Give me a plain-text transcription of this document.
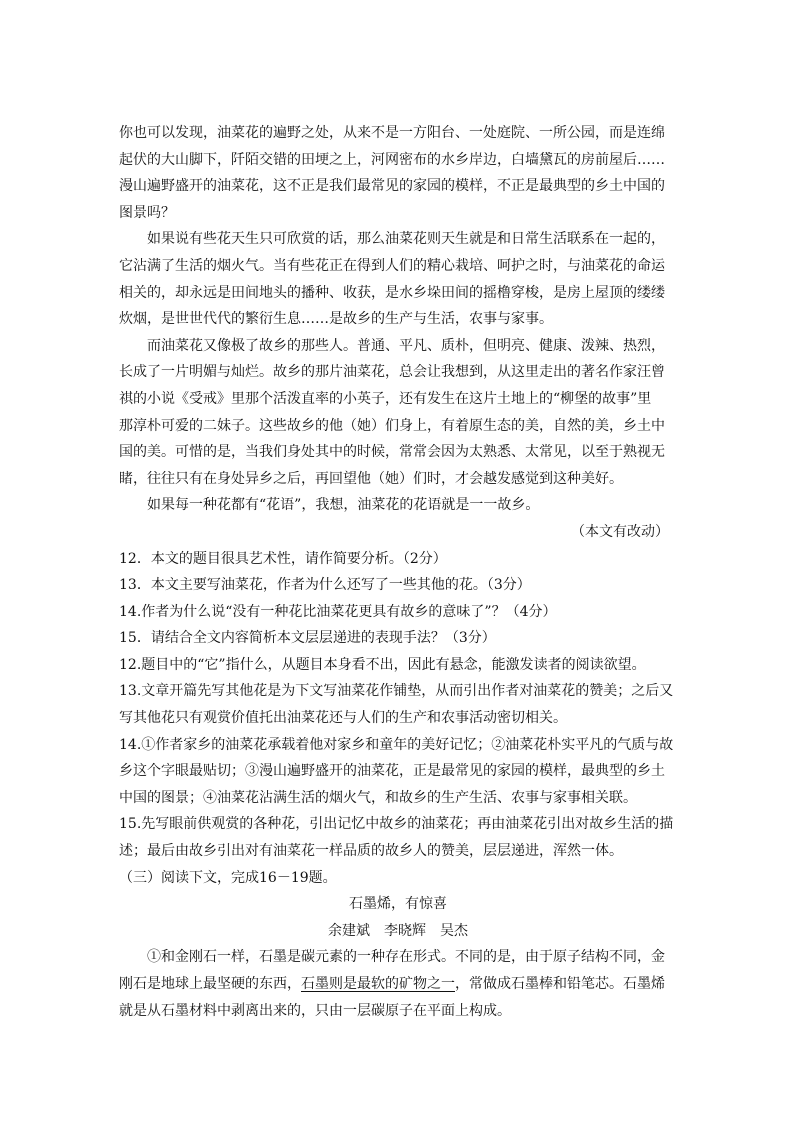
你也可以发现，油菜花的遍野之处，从来不是一方阳台、一处庭院、一所公园，而是连绵

起伏的大山脚下，阡陌交错的田埂之上，河网密布的水乡岸边，白墙黛瓦的房前屋后……

漫山遍野盛开的油菜花，这不正是我们最常见的家园的模样，不正是最典型的乡土中国的

图景吗？

如果说有些花天生只可欣赏的话，那么油菜花则天生就是和日常生活联系在一起的，

它沾满了生活的烟火气。当有些花正在得到人们的精心栽培、呵护之时，与油菜花的命运

相关的，却永远是田间地头的播种、收获，是水乡垛田间的摇橹穿梭，是房上屋顶的缕缕

炊烟，是世世代代的繁衍生息……是故乡的生产与生活，农事与家事。

而油菜花又像极了故乡的那些人。普通、平凡、质朴，但明亮、健康、泼辣、热烈，

长成了一片明媚与灿烂。故乡的那片油菜花，总会让我想到，从这里走出的著名作家汪曾

祺的小说《受戒》里那个活泼直率的小英子，还有发生在这片土地上的“柳堡的故事”里

那淳朴可爱的二妹子。这些故乡的他（她）们身上，有着原生态的美，自然的美，乡土中

国的美。可惜的是，当我们身处其中的时候，常常会因为太熟悉、太常见，以至于熟视无

睹，往往只有在身处异乡之后，再回望他（她）们时，才会越发感觉到这种美好。

如果每一种花都有“花语”，我想，油菜花的花语就是一一故乡。

（本文有改动）

12．本文的题目很具艺术性，请作简要分析。（2分）

13．本文主要写油菜花，作者为什么还写了一些其他的花。（3分）

14.作者为什么说“没有一种花比油菜花更具有故乡的意味了”？（4分）

15．请结合全文内容简析本文层层递进的表现手法？（3分）

12.题目中的“它”指什么，从题目本身看不出，因此有悬念，能激发读者的阅读欲望。

13.文章开篇先写其他花是为下文写油菜花作铺垫，从而引出作者对油菜花的赞美；之后又

写其他花只有观赏价值托出油菜花还与人们的生产和农事活动密切相关。

14.①作者家乡的油菜花承载着他对家乡和童年的美好记忆；②油菜花朴实平凡的气质与故

乡这个字眼最贴切；③漫山遍野盛开的油菜花，正是最常见的家园的模样，最典型的乡土

中国的图景；④油菜花沾满生活的烟火气，和故乡的生产生活、农事与家事相关联。

15.先写眼前供观赏的各种花，引出记忆中故乡的油菜花；再由油菜花引出对故乡生活的描

述；最后由故乡引出对有油菜花一样品质的故乡人的赞美，层层递进，浑然一体。

（三）阅读下文，完成16－19题。

石墨烯，有惊喜

余建斌　李晓辉　吴杰

①和金刚石一样，石墨是碳元素的一种存在形式。不同的是，由于原子结构不同，金

刚石是地球上最坚硬的东西，石墨则是最软的矿物之一，常做成石墨棒和铅笔芯。石墨烯

就是从石墨材料中剥离出来的，只由一层碳原子在平面上构成。
